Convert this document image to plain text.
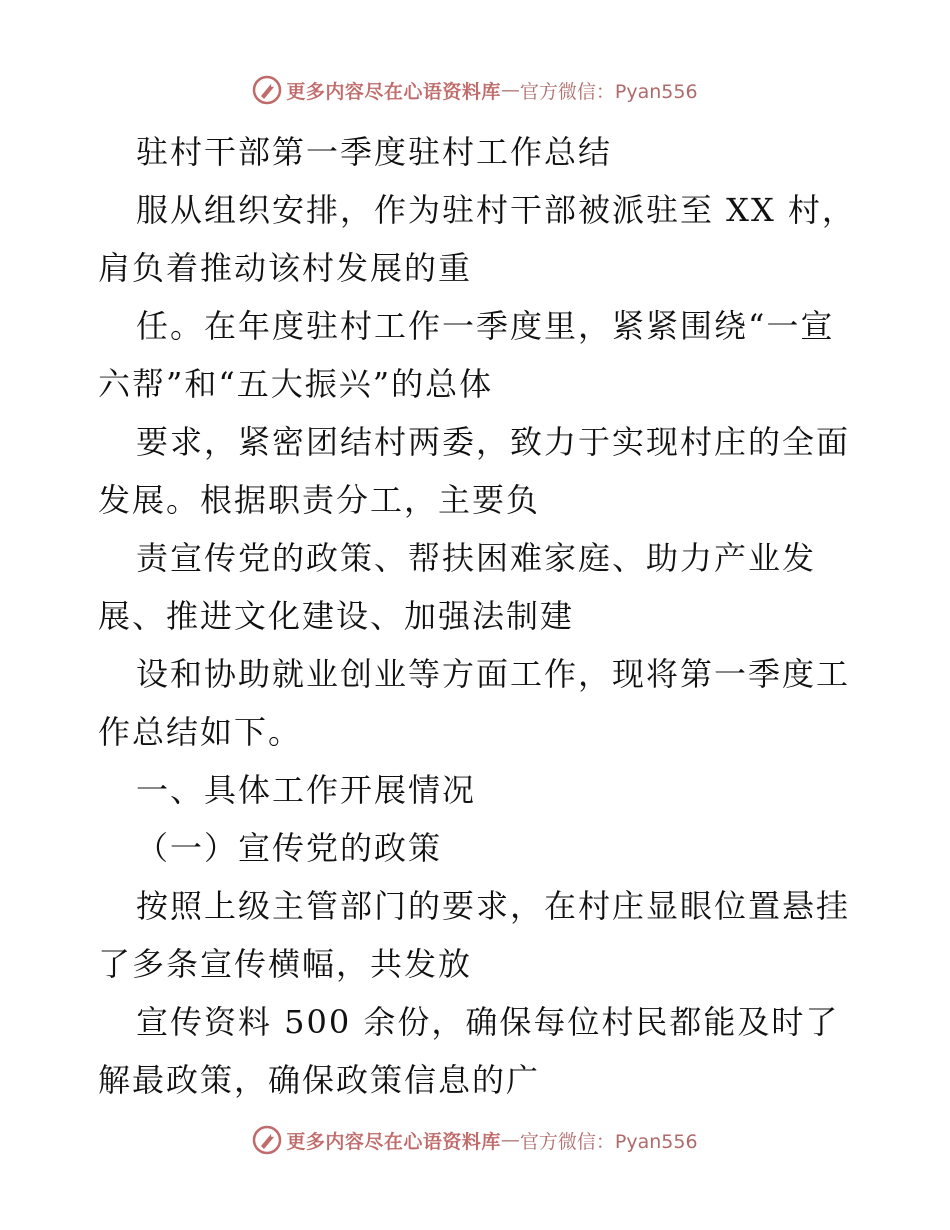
更多内容尽在心语资料库 — 官方微信：Pyan556
驻村干部第一季度驻村工作总结
服从组织安排，作为驻村干部被派驻至 XX 村，
肩负着推动该村发展的重
任。在年度驻村工作一季度里，紧紧围绕“一宣
六帮”和“五大振兴”的总体
要求，紧密团结村两委，致力于实现村庄的全面
发展。根据职责分工，主要负
责宣传党的政策、帮扶困难家庭、助力产业发
展、推进文化建设、加强法制建
设和协助就业创业等方面工作，现将第一季度工
作总结如下。
一、具体工作开展情况
（一）宣传党的政策
按照上级主管部门的要求，在村庄显眼位置悬挂
了多条宣传横幅，共发放
宣传资料 500 余份，确保每位村民都能及时了
解最政策，确保政策信息的广
更多内容尽在心语资料库 — 官方微信：Pyan556
